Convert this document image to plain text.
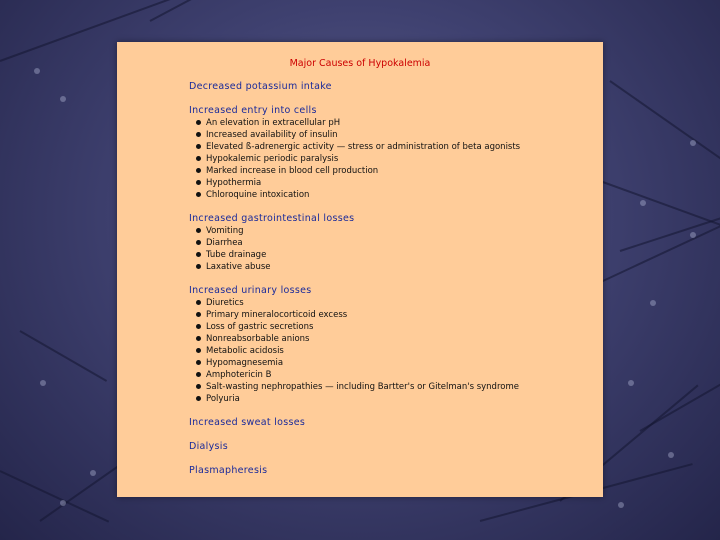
Major Causes of Hypokalemia
Decreased potassium intake
Increased entry into cells
An elevation in extracellular pH
Increased availability of insulin
Elevated ß-adrenergic activity — stress or administration of beta agonists
Hypokalemic periodic paralysis
Marked increase in blood cell production
Hypothermia
Chloroquine intoxication
Increased gastrointestinal losses
Vomiting
Diarrhea
Tube drainage
Laxative abuse
Increased urinary losses
Diuretics
Primary mineralocorticoid excess
Loss of gastric secretions
Nonreabsorbable anions
Metabolic acidosis
Hypomagnesemia
Amphotericin B
Salt-wasting nephropathies — including Bartter's or Gitelman's syndrome
Polyuria
Increased sweat losses
Dialysis
Plasmapheresis
